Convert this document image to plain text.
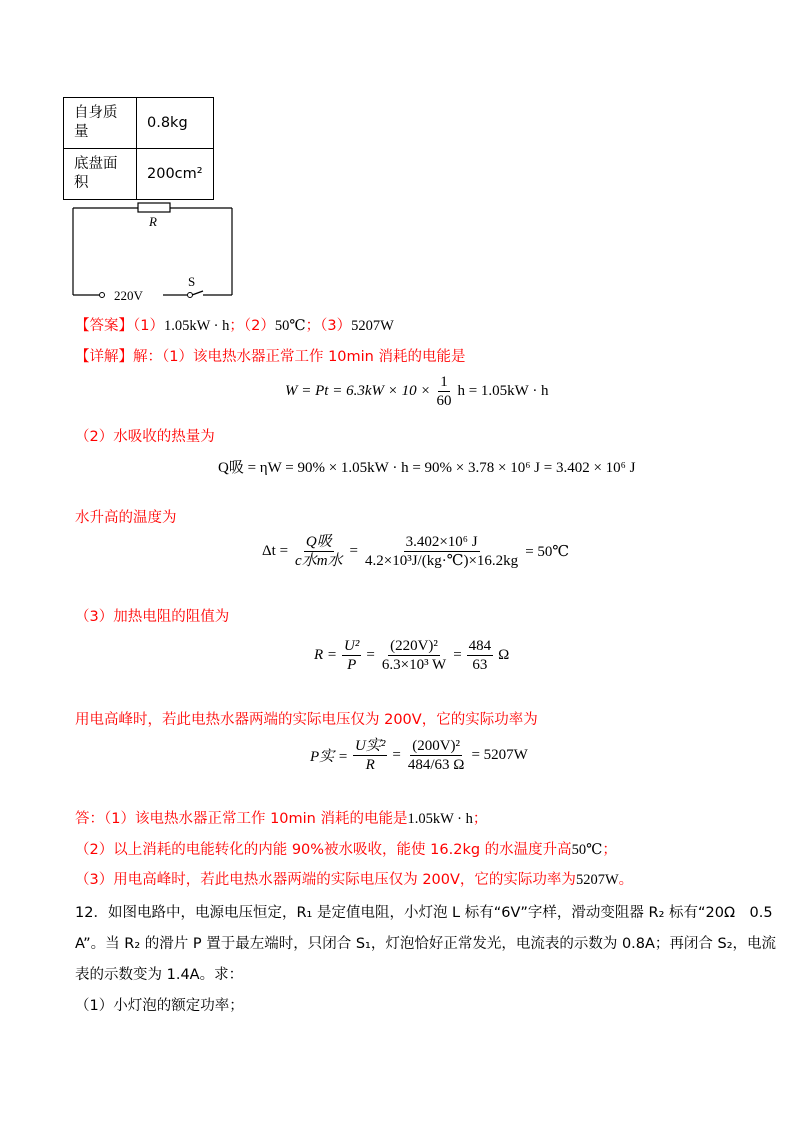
自身质量	0.8kg
底盘面积	200cm²
R
220V
S
【答案】（1）1.05kW · h；（2）50℃；（3）5207W
【详解】解：（1）该电热水器正常工作 10min 消耗的电能是
$W = Pt = 6.3kW \times 10 \times \frac{1}{60}$ h = 1.05kW · h
（2）水吸收的热量为
Q吸 = ηW = 90% × 1.05kW · h = 90% × 3.78 × 10⁶ J = 3.402 × 10⁶ J
水升高的温度为
$\Delta t = \frac{\text{Q吸}}{\text{c水m水}} = \frac{\text{3.402×10⁶ J}}{\text{4.2×10³J/(kg·℃)×16.2kg}}$ = 50℃
（3）加热电阻的阻值为
$R = \frac{\text{U²}}{P} = \frac{\text{(220V)²}}{\text{6.3×10³ W}} = \frac{484}{63}$ Ω
用电高峰时，若此电热水器两端的实际电压仅为 200V，它的实际功率为
P实 = $\frac{\text{U实²}}{R} = \frac{\text{(200V)²}}{484/63 \Omega} = 5207W$
答：（1）该电热水器正常工作 10min 消耗的电能是1.05kW · h；
（2）以上消耗的电能转化的内能 90%被水吸收，能使 16.2kg 的水温度升高50℃；
（3）用电高峰时，若此电热水器两端的实际电压仅为 200V，它的实际功率为5207W。
12．如图电路中，电源电压恒定，R₁ 是定值电阻，小灯泡 L 标有“6V”字样，滑动变阻器 R₂ 标有“20Ω　0.5
A”。当 R₂ 的滑片 P 置于最左端时，只闭合 S₁，灯泡恰好正常发光，电流表的示数为 0.8A；再闭合 S₂，电流
表的示数变为 1.4A。求：
（1）小灯泡的额定功率；
